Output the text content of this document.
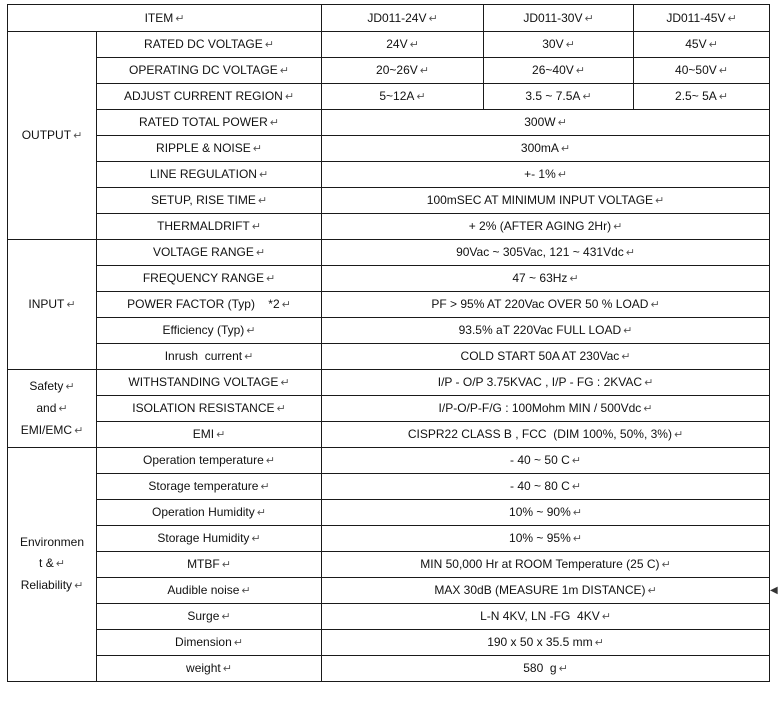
ITEM ↵		JD011-24V ↵	JD011-30V ↵	JD011-45V ↵
OUTPUT ↵	RATED DC VOLTAGE ↵	24V ↵	30V ↵	45V ↵
	OPERATING DC VOLTAGE ↵	20~26V ↵	26~40V ↵	40~50V ↵
	ADJUST CURRENT REGION ↵	5~12A ↵	3.5 ~ 7.5A ↵	2.5~ 5A ↵
	RATED TOTAL POWER ↵	300W ↵
	RIPPLE & NOISE ↵	300mA ↵
	LINE REGULATION ↵	+- 1% ↵
	SETUP, RISE TIME ↵	100mSEC AT MINIMUM INPUT VOLTAGE ↵
	THERMALDRIFT ↵	+ 2% (AFTER AGING 2Hr) ↵
INPUT ↵	VOLTAGE RANGE ↵	90Vac ~ 305Vac, 121 ~ 431Vdc ↵
	FREQUENCY RANGE ↵	47 ~ 63Hz ↵
	POWER FACTOR (Typ)    *2 ↵	PF > 95% AT 220Vac OVER 50 % LOAD ↵
	Efficiency (Typ) ↵	93.5% aT 220Vac FULL LOAD ↵
	Inrush  current ↵	COLD START 50A AT 230Vac ↵

Safety ↵
and ↵
EMI/EMC ↵	WITHSTANDING VOLTAGE ↵	I/P - O/P 3.75KVAC , I/P - FG : 2KVAC ↵
	ISOLATION RESISTANCE ↵	I/P-O/P-F/G : 100Mohm MIN / 500Vdc ↵
	EMI ↵	CISPR22 CLASS B , FCC  (DIM 100%, 50%, 3%) ↵

Environmen
t & ↵
Reliability ↵	Operation temperature ↵	- 40 ~ 50 C ↵
	Storage temperature ↵	- 40 ~ 80 C ↵
	Operation Humidity ↵	10% ~ 90% ↵
	Storage Humidity ↵	10% ~ 95% ↵
	MTBF ↵	MIN 50,000 Hr at ROOM Temperature (25 C) ↵
	Audible noise ↵	MAX 30dB (MEASURE 1m DISTANCE) ↵
	Surge ↵	L-N 4KV, LN -FG  4KV ↵
	Dimension ↵	190 x 50 x 35.5 mm ↵
	weight ↵	580  g ↵
◀
